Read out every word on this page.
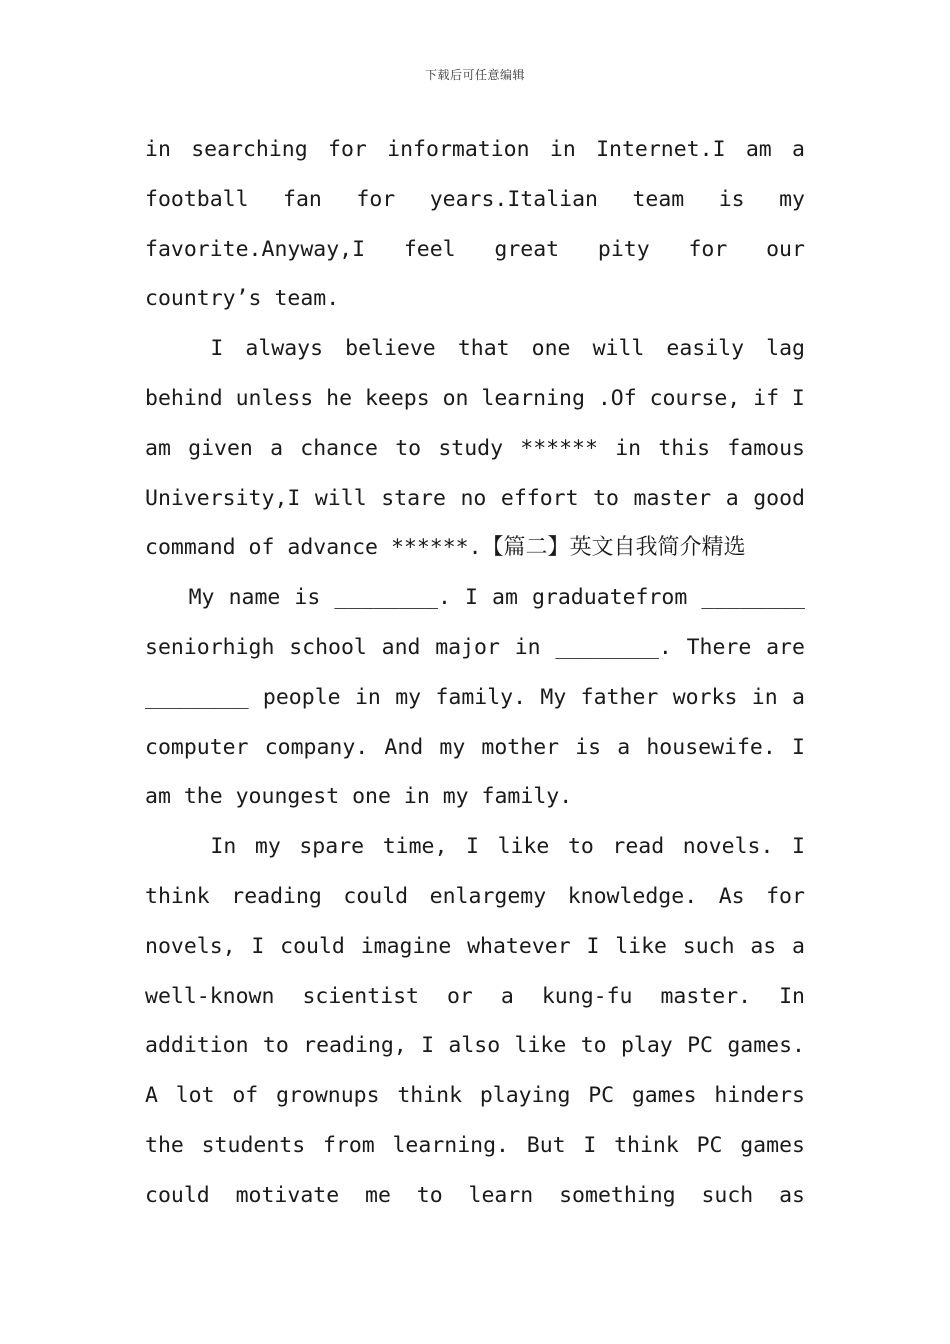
下载后可任意编辑
in searching for information in Internet.I am a
football fan for years.Italian team is my
favorite.Anyway,I feel great pity for our
country’s team.
I always believe that one will easily lag
behind unless he keeps on learning .Of course, if I
am given a chance to study ****** in this famous
University,I will stare no effort to master a good
command of advance ******. 【篇二】英文自我简介精选
My name is ________. I am graduatefrom ________
seniorhigh school and major in ________. There are
________ people in my family. My father works in a
computer company. And my mother is a housewife. I
am the youngest one in my family.
In my spare time, I like to read novels. I
think reading could enlargemy knowledge. As for
novels, I could imagine whatever I like such as a
well-known scientist or a kung-fu master. In
addition to reading, I also like to play PC games.
A lot of grownups think playing PC games hinders
the students from learning. But I think PC games
could motivate me to learn something such as
